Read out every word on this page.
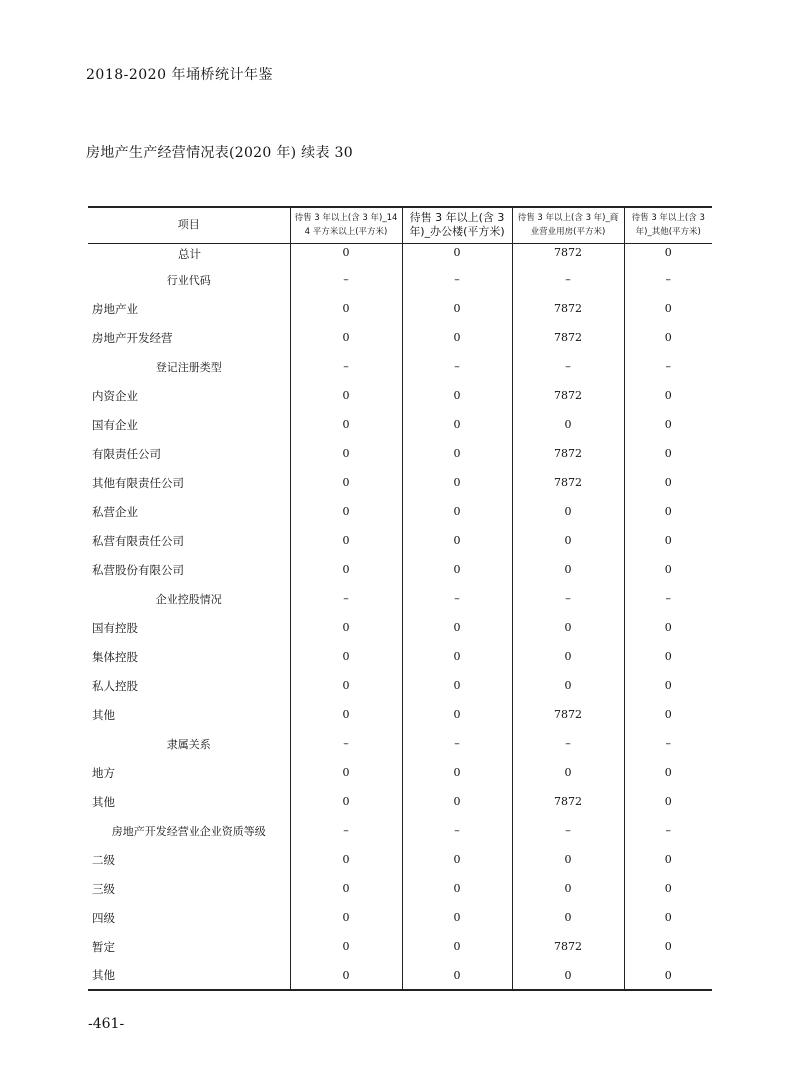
2018-2020 年埇桥统计年鉴
房地产生产经营情况表(2020 年) 续表 30
项目	待售 3 年以上(含 3 年)_144 平方米以上(平方米)	待售 3 年以上(含 3 年)_办公楼(平方米)	待售 3 年以上(含 3 年)_商业营业用房(平方米)	待售 3 年以上(含 3 年)_其他(平方米)
总计	0	0	7872	0
行业代码	–	–	–	–
房地产业	0	0	7872	0
房地产开发经营	0	0	7872	0
登记注册类型	–	–	–	–
内资企业	0	0	7872	0
国有企业	0	0	0	0
有限责任公司	0	0	7872	0
其他有限责任公司	0	0	7872	0
私营企业	0	0	0	0
私营有限责任公司	0	0	0	0
私营股份有限公司	0	0	0	0
企业控股情况	–	–	–	–
国有控股	0	0	0	0
集体控股	0	0	0	0
私人控股	0	0	0	0
其他	0	0	7872	0
隶属关系	–	–	–	–
地方	0	0	0	0
其他	0	0	7872	0
房地产开发经营业企业资质等级	–	–	–	–
二级	0	0	0	0
三级	0	0	0	0
四级	0	0	0	0
暂定	0	0	7872	0
其他	0	0	0	0
-461-
